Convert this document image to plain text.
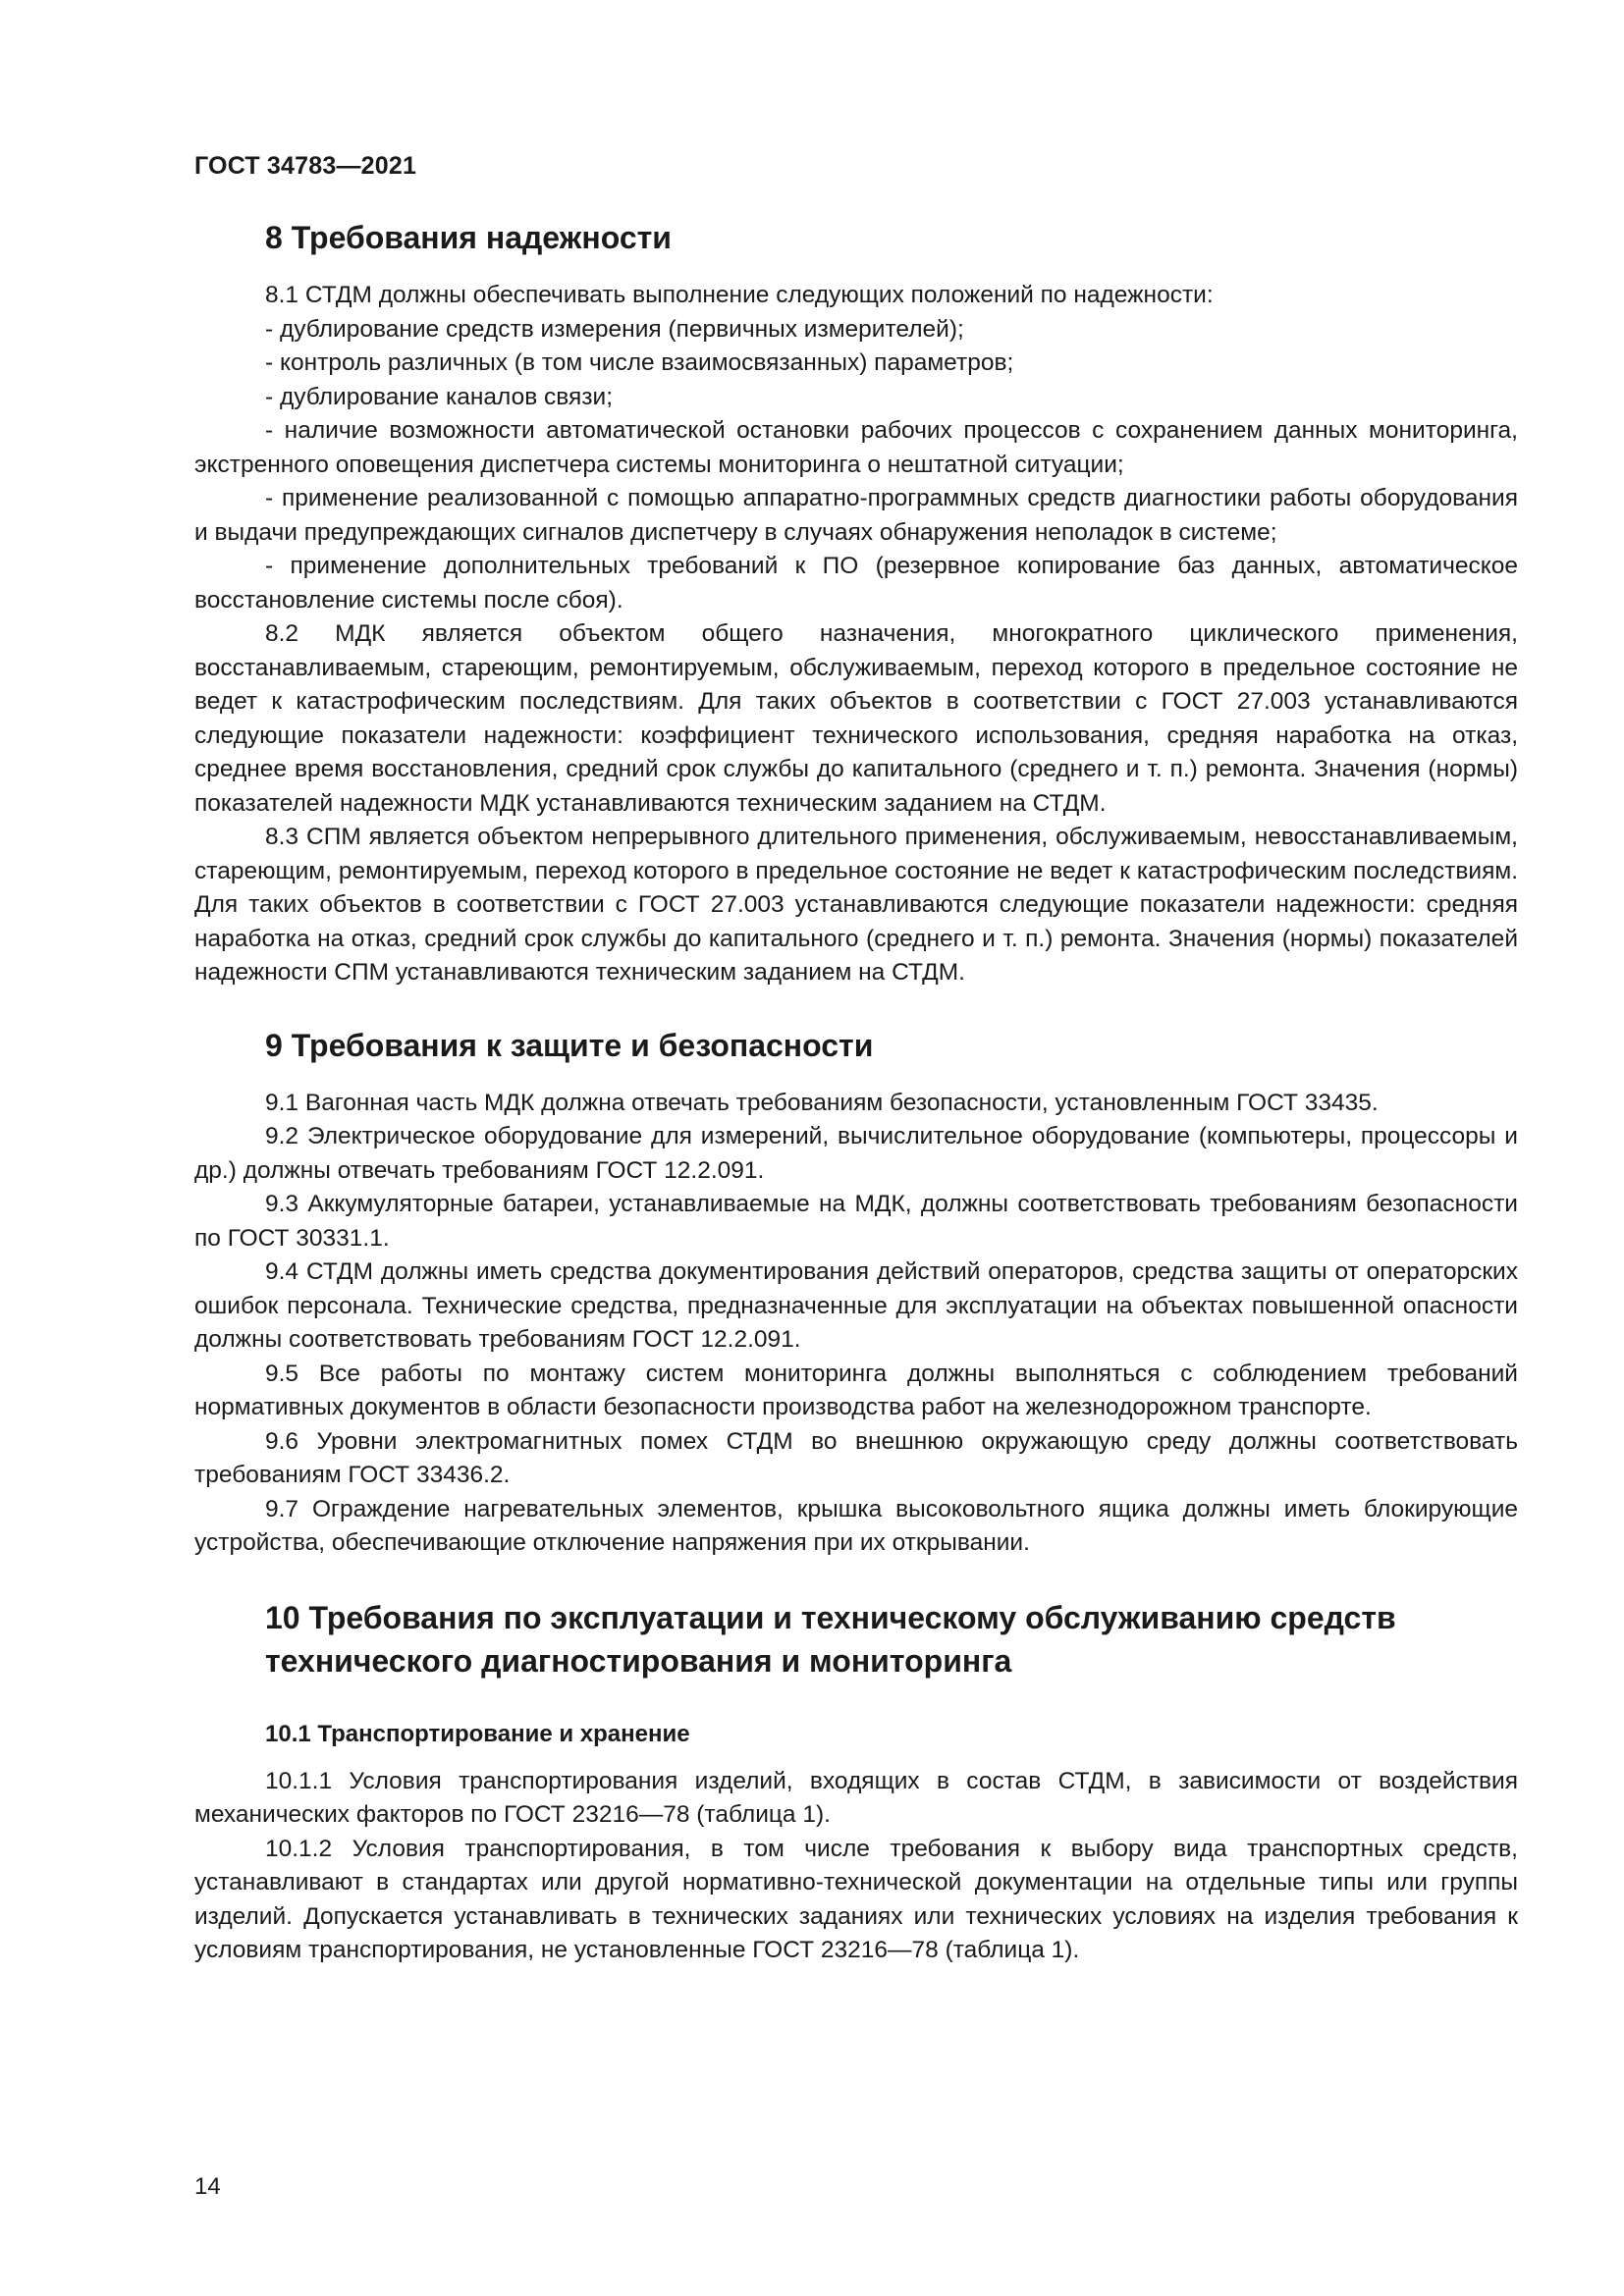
ГОСТ 34783—2021
8 Требования надежности

8.1 СТДМ должны обеспечивать выполнение следующих положений по надежности:

- дублирование средств измерения (первичных измерителей);

- контроль различных (в том числе взаимосвязанных) параметров;

- дублирование каналов связи;

- наличие возможности автоматической остановки рабочих процессов с сохранением данных мониторинга, экстренного оповещения диспетчера системы мониторинга о нештатной ситуации;

- применение реализованной с помощью аппаратно-программных средств диагностики работы оборудования и выдачи предупреждающих сигналов диспетчеру в случаях обнаружения неполадок в системе;

- применение дополнительных требований к ПО (резервное копирование баз данных, автоматическое восстановление системы после сбоя).

8.2 МДК является объектом общего назначения, многократного циклического применения, восстанавливаемым, стареющим, ремонтируемым, обслуживаемым, переход которого в предельное состояние не ведет к катастрофическим последствиям. Для таких объектов в соответствии с ГОСТ 27.003 устанавливаются следующие показатели надежности: коэффициент технического использования, средняя наработка на отказ, среднее время восстановления, средний срок службы до капитального (среднего и т. п.) ремонта. Значения (нормы) показателей надежности МДК устанавливаются техническим заданием на СТДМ.

8.3 СПМ является объектом непрерывного длительного применения, обслуживаемым, невосстанавливаемым, стареющим, ремонтируемым, переход которого в предельное состояние не ведет к катастрофическим последствиям. Для таких объектов в соответствии с ГОСТ 27.003 устанавливаются следующие показатели надежности: средняя наработка на отказ, средний срок службы до капитального (среднего и т. п.) ремонта. Значения (нормы) показателей надежности СПМ устанавливаются техническим заданием на СТДМ.

9 Требования к защите и безопасности

9.1 Вагонная часть МДК должна отвечать требованиям безопасности, установленным ГОСТ 33435.

9.2 Электрическое оборудование для измерений, вычислительное оборудование (компьютеры, процессоры и др.) должны отвечать требованиям ГОСТ 12.2.091.

9.3 Аккумуляторные батареи, устанавливаемые на МДК, должны соответствовать требованиям безопасности по ГОСТ 30331.1.

9.4 СТДМ должны иметь средства документирования действий операторов, средства защиты от операторских ошибок персонала. Технические средства, предназначенные для эксплуатации на объектах повышенной опасности должны соответствовать требованиям ГОСТ 12.2.091.

9.5 Все работы по монтажу систем мониторинга должны выполняться с соблюдением требований нормативных документов в области безопасности производства работ на железнодорожном транспорте.

9.6 Уровни электромагнитных помех СТДМ во внешнюю окружающую среду должны соответствовать требованиям ГОСТ 33436.2.

9.7 Ограждение нагревательных элементов, крышка высоковольтного ящика должны иметь блокирующие устройства, обеспечивающие отключение напряжения при их открывании.

10 Требования по эксплуатации и техническому обслуживанию средств технического диагностирования и мониторинга
10.1 Транспортирование и хранение

10.1.1 Условия транспортирования изделий, входящих в состав СТДМ, в зависимости от воздействия механических факторов по ГОСТ 23216—78 (таблица 1).

10.1.2 Условия транспортирования, в том числе требования к выбору вида транспортных средств, устанавливают в стандартах или другой нормативно-технической документации на отдельные типы или группы изделий. Допускается устанавливать в технических заданиях или технических условиях на изделия требования к условиям транспортирования, не установленные ГОСТ 23216—78 (таблица 1).

14
